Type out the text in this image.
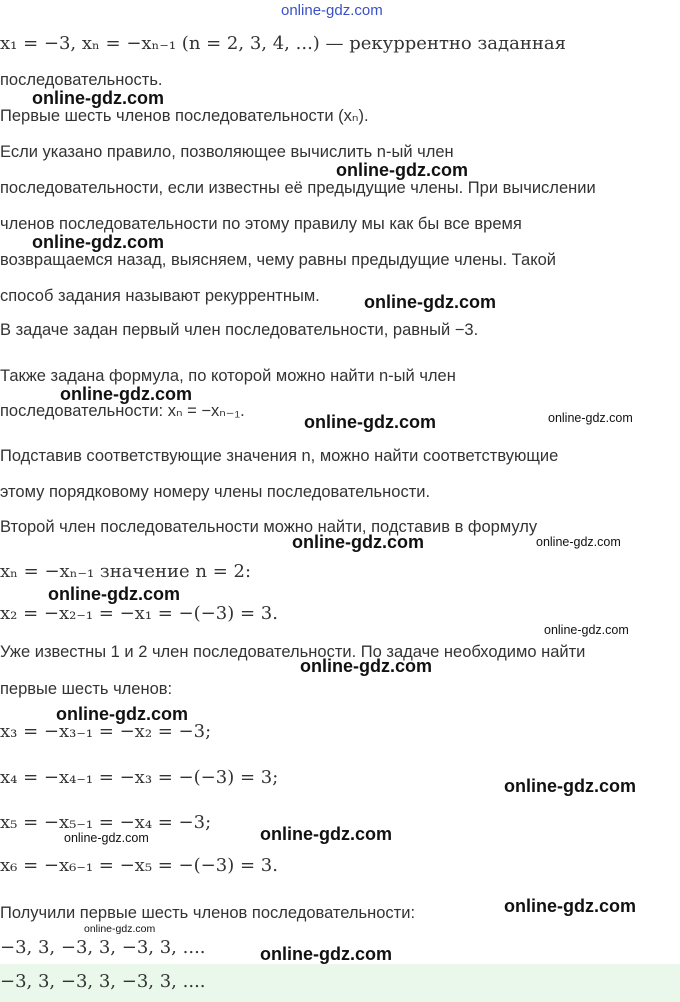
online-gdz.com
x₁ = −3, xₙ = −xₙ₋₁ (n = 2, 3, 4, ...) — рекуррентно заданная
последовательность.
Первые шесть членов последовательности (xₙ).
Если указано правило, позволяющее вычислить n-ый член
последовательности, если известны её предыдущие члены. При вычислении
членов последовательности по этому правилу мы как бы все время
возвращаемся назад, выясняем, чему равны предыдущие члены. Такой
способ задания называют рекуррентным.
В задаче задан первый член последовательности, равный −3.
Также задана формула, по которой можно найти n-ый член
последовательности: xₙ = −xₙ₋₁.
Подставив соответствующие значения n, можно найти соответствующие
этому порядковому номеру члены последовательности.
Второй член последовательности можно найти, подставив в формулу
xₙ = −xₙ₋₁ значение n = 2:
x₂ = −x₂₋₁ = −x₁ = −(−3) = 3.
Уже известны 1 и 2 член последовательности. По задаче необходимо найти
первые шесть членов:
x₃ = −x₃₋₁ = −x₂ = −3;
x₄ = −x₄₋₁ = −x₃ = −(−3) = 3;
x₅ = −x₅₋₁ = −x₄ = −3;
x₆ = −x₆₋₁ = −x₅ = −(−3) = 3.
Получили первые шесть членов последовательности:
−3, 3, −3, 3, −3, 3, ....
−3, 3, −3, 3, −3, 3, ....
online-gdz.com
online-gdz.com
online-gdz.com
online-gdz.com
online-gdz.com
online-gdz.com	online-gdz.com
online-gdz.com	online-gdz.com
online-gdz.com
online-gdz.com
online-gdz.com
online-gdz.com
online-gdz.com
online-gdz.com
online-gdz.com
online-gdz.com
online-gdz.com
online-gdz.com
